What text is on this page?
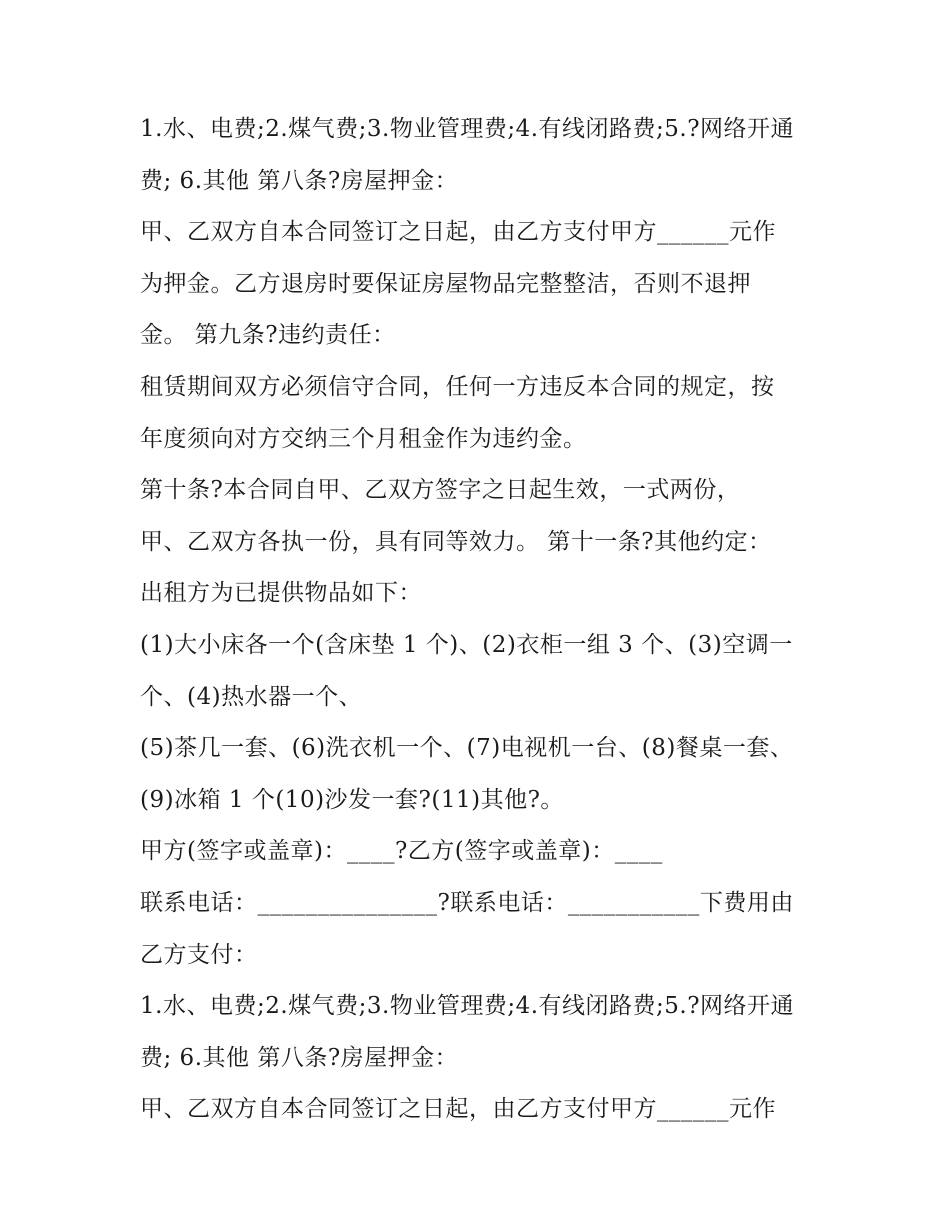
1.水、电费;2.煤气费;3.物业管理费;4.有线闭路费;5.?网络开通
费; 6.其他 第八条?房屋押金：
甲、乙双方自本合同签订之日起，由乙方支付甲方______元作
为押金。乙方退房时要保证房屋物品完整整洁，否则不退押
金。 第九条?违约责任：
租赁期间双方必须信守合同，任何一方违反本合同的规定，按
年度须向对方交纳三个月租金作为违约金。
第十条?本合同自甲、乙双方签字之日起生效，一式两份，
甲、乙双方各执一份，具有同等效力。 第十一条?其他约定：
出租方为已提供物品如下：
(1)大小床各一个(含床垫 1 个)、(2)衣柜一组 3 个、(3)空调一
个、(4)热水器一个、
(5)茶几一套、(6)洗衣机一个、(7)电视机一台、(8)餐桌一套、
(9)冰箱 1 个(10)沙发一套?(11)其他?。
甲方(签字或盖章)：____?乙方(签字或盖章)：____
联系电话：_______________?联系电话：___________下费用由
乙方支付：
1.水、电费;2.煤气费;3.物业管理费;4.有线闭路费;5.?网络开通
费; 6.其他 第八条?房屋押金：
甲、乙双方自本合同签订之日起，由乙方支付甲方______元作
